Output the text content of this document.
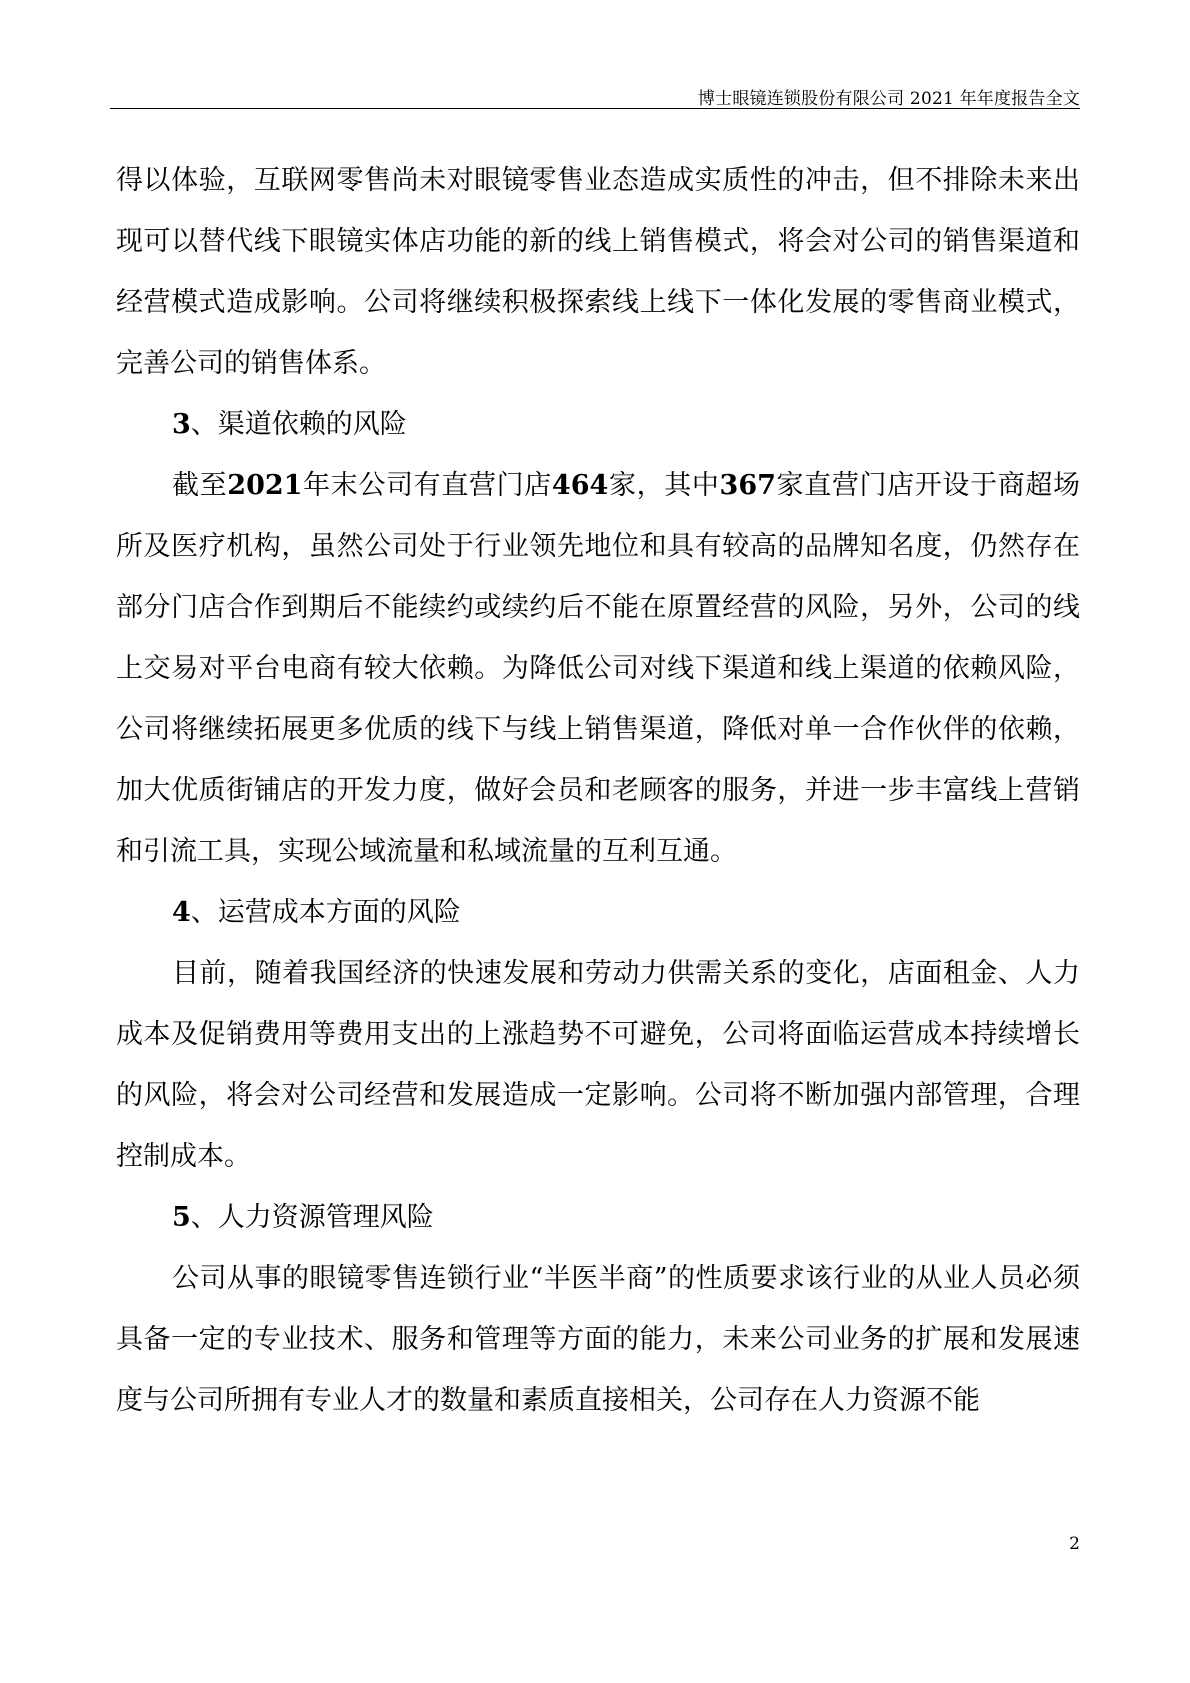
博士眼镜连锁股份有限公司 2021 年年度报告全文

得以体验，互联网零售尚未对眼镜零售业态造成实质性的冲击，但不排除未来出现可以替代线下眼镜实体店功能的新的线上销售模式，将会对公司的销售渠道和经营模式造成影响。公司将继续积极探索线上线下一体化发展的零售商业模式，完善公司的销售体系。

3、渠道依赖的风险

截至2021年末公司有直营门店464家，其中367家直营门店开设于商超场所及医疗机构，虽然公司处于行业领先地位和具有较高的品牌知名度，仍然存在部分门店合作到期后不能续约或续约后不能在原置经营的风险，另外，公司的线上交易对平台电商有较大依赖。为降低公司对线下渠道和线上渠道的依赖风险，公司将继续拓展更多优质的线下与线上销售渠道，降低对单一合作伙伴的依赖，加大优质街铺店的开发力度，做好会员和老顾客的服务，并进一步丰富线上营销和引流工具，实现公域流量和私域流量的互利互通。

4、运营成本方面的风险

目前，随着我国经济的快速发展和劳动力供需关系的变化，店面租金、人力成本及促销费用等费用支出的上涨趋势不可避免，公司将面临运营成本持续增长的风险，将会对公司经营和发展造成一定影响。公司将不断加强内部管理，合理控制成本。

5、人力资源管理风险

公司从事的眼镜零售连锁行业“半医半商”的性质要求该行业的从业人员必须具备一定的专业技术、服务和管理等方面的能力，未来公司业务的扩展和发展速度与公司所拥有专业人才的数量和素质直接相关，公司存在人力资源不能

2
